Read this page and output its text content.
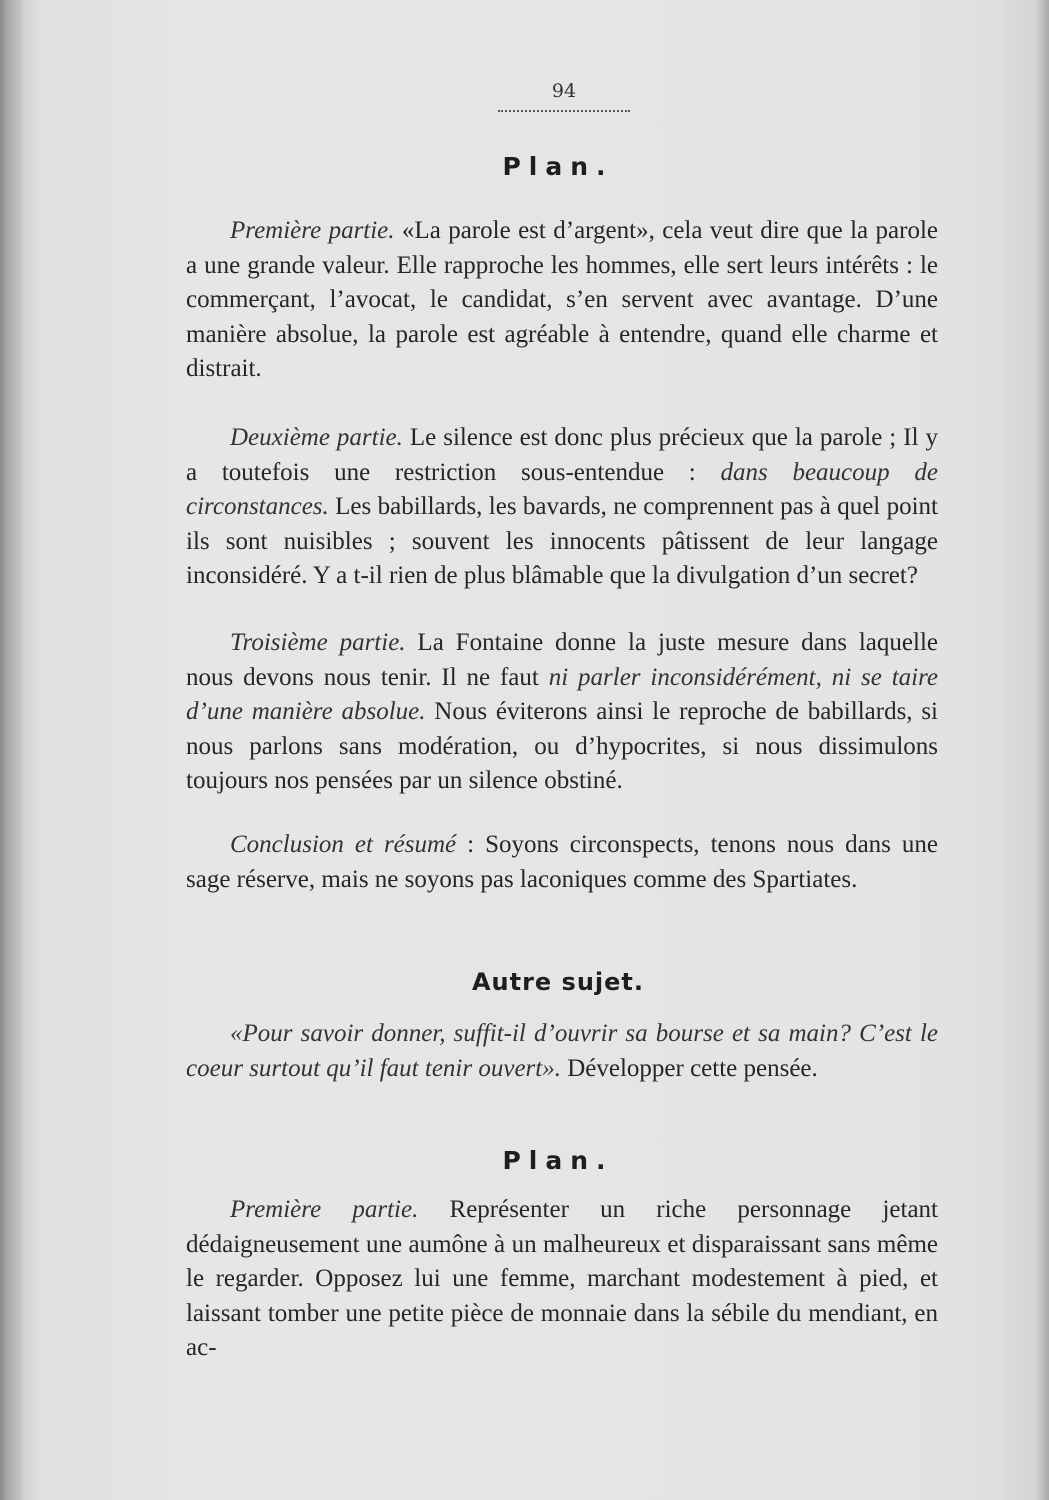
94
Plan.

Première partie. «La parole est d’argent», cela veut dire que la parole a une grande valeur. Elle rapproche les hommes, elle sert leurs intérêts : le commerçant, l’avocat, le candidat, s’en servent avec avantage. D’une manière absolue, la parole est agréable à entendre, quand elle charme et distrait.

Deuxième partie. Le silence est donc plus précieux que la parole ; Il y a toutefois une restriction sous-entendue : dans beaucoup de circonstances. Les babillards, les bavards, ne comprennent pas à quel point ils sont nuisibles ; souvent les innocents pâtissent de leur langage inconsidéré. Y a t-il rien de plus blâmable que la divulgation d’un secret?

Troisième partie. La Fontaine donne la juste mesure dans laquelle nous devons nous tenir. Il ne faut ni parler inconsidérément, ni se taire d’une manière absolue. Nous éviterons ainsi le reproche de babillards, si nous parlons sans modération, ou d’hypocrites, si nous dissimulons toujours nos pensées par un silence obstiné.

Conclusion et résumé : Soyons circonspects, tenons nous dans une sage réserve, mais ne soyons pas laconiques comme des Spartiates.

Autre sujet.

«Pour savoir donner, suffit-il d’ouvrir sa bourse et sa main? C’est le coeur surtout qu’il faut tenir ouvert». Développer cette pensée.

Plan.

Première partie. Représenter un riche personnage jetant dédaigneusement une aumône à un malheureux et disparaissant sans même le regarder. Opposez lui une femme, marchant modestement à pied, et laissant tomber une petite pièce de monnaie dans la sébile du mendiant, en ac-
